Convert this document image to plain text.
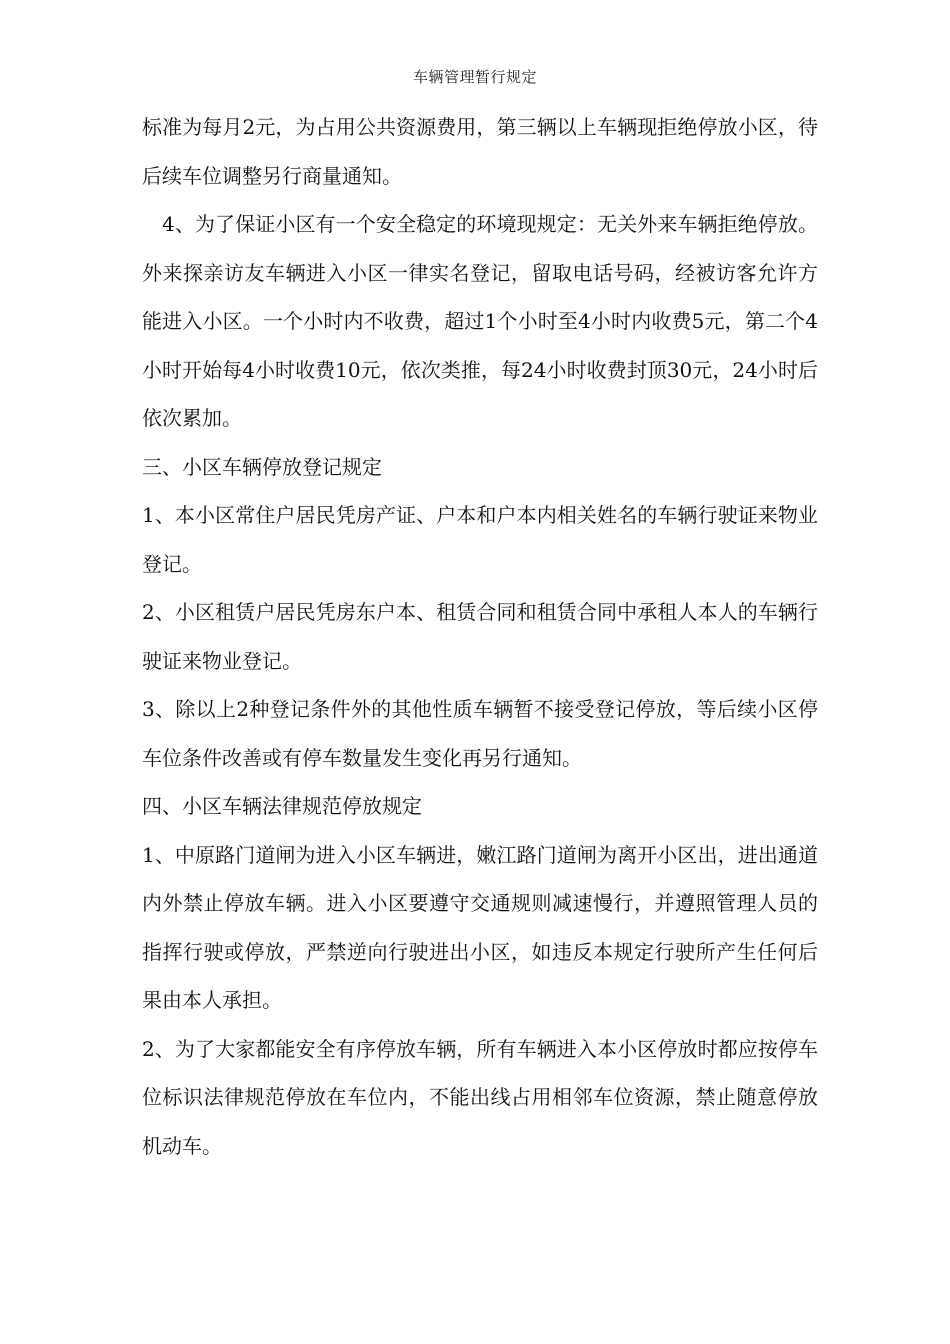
车辆管理暂行规定

标准为每月2元，为占用公共资源费用，第三辆以上车辆现拒绝停放小区，待后续车位调整另行商量通知。

4、为了保证小区有一个安全稳定的环境现规定：无关外来车辆拒绝停放。外来探亲访友车辆进入小区一律实名登记，留取电话号码，经被访客允许方能进入小区。一个小时内不收费，超过1个小时至4小时内收费5元，第二个4小时开始每4小时收费10元，依次类推，每24小时收费封顶30元，24小时后依次累加。

三、小区车辆停放登记规定

1、本小区常住户居民凭房产证、户本和户本内相关姓名的车辆行驶证来物业登记。

2、小区租赁户居民凭房东户本、租赁合同和租赁合同中承租人本人的车辆行驶证来物业登记。

3、除以上2种登记条件外的其他性质车辆暂不接受登记停放，等后续小区停车位条件改善或有停车数量发生变化再另行通知。

四、小区车辆法律规范停放规定

1、中原路门道闸为进入小区车辆进，嫩江路门道闸为离开小区出，进出通道内外禁止停放车辆。进入小区要遵守交通规则减速慢行，并遵照管理人员的指挥行驶或停放，严禁逆向行驶进出小区，如违反本规定行驶所产生任何后果由本人承担。

2、为了大家都能安全有序停放车辆，所有车辆进入本小区停放时都应按停车位标识法律规范停放在车位内，不能出线占用相邻车位资源，禁止随意停放机动车。
